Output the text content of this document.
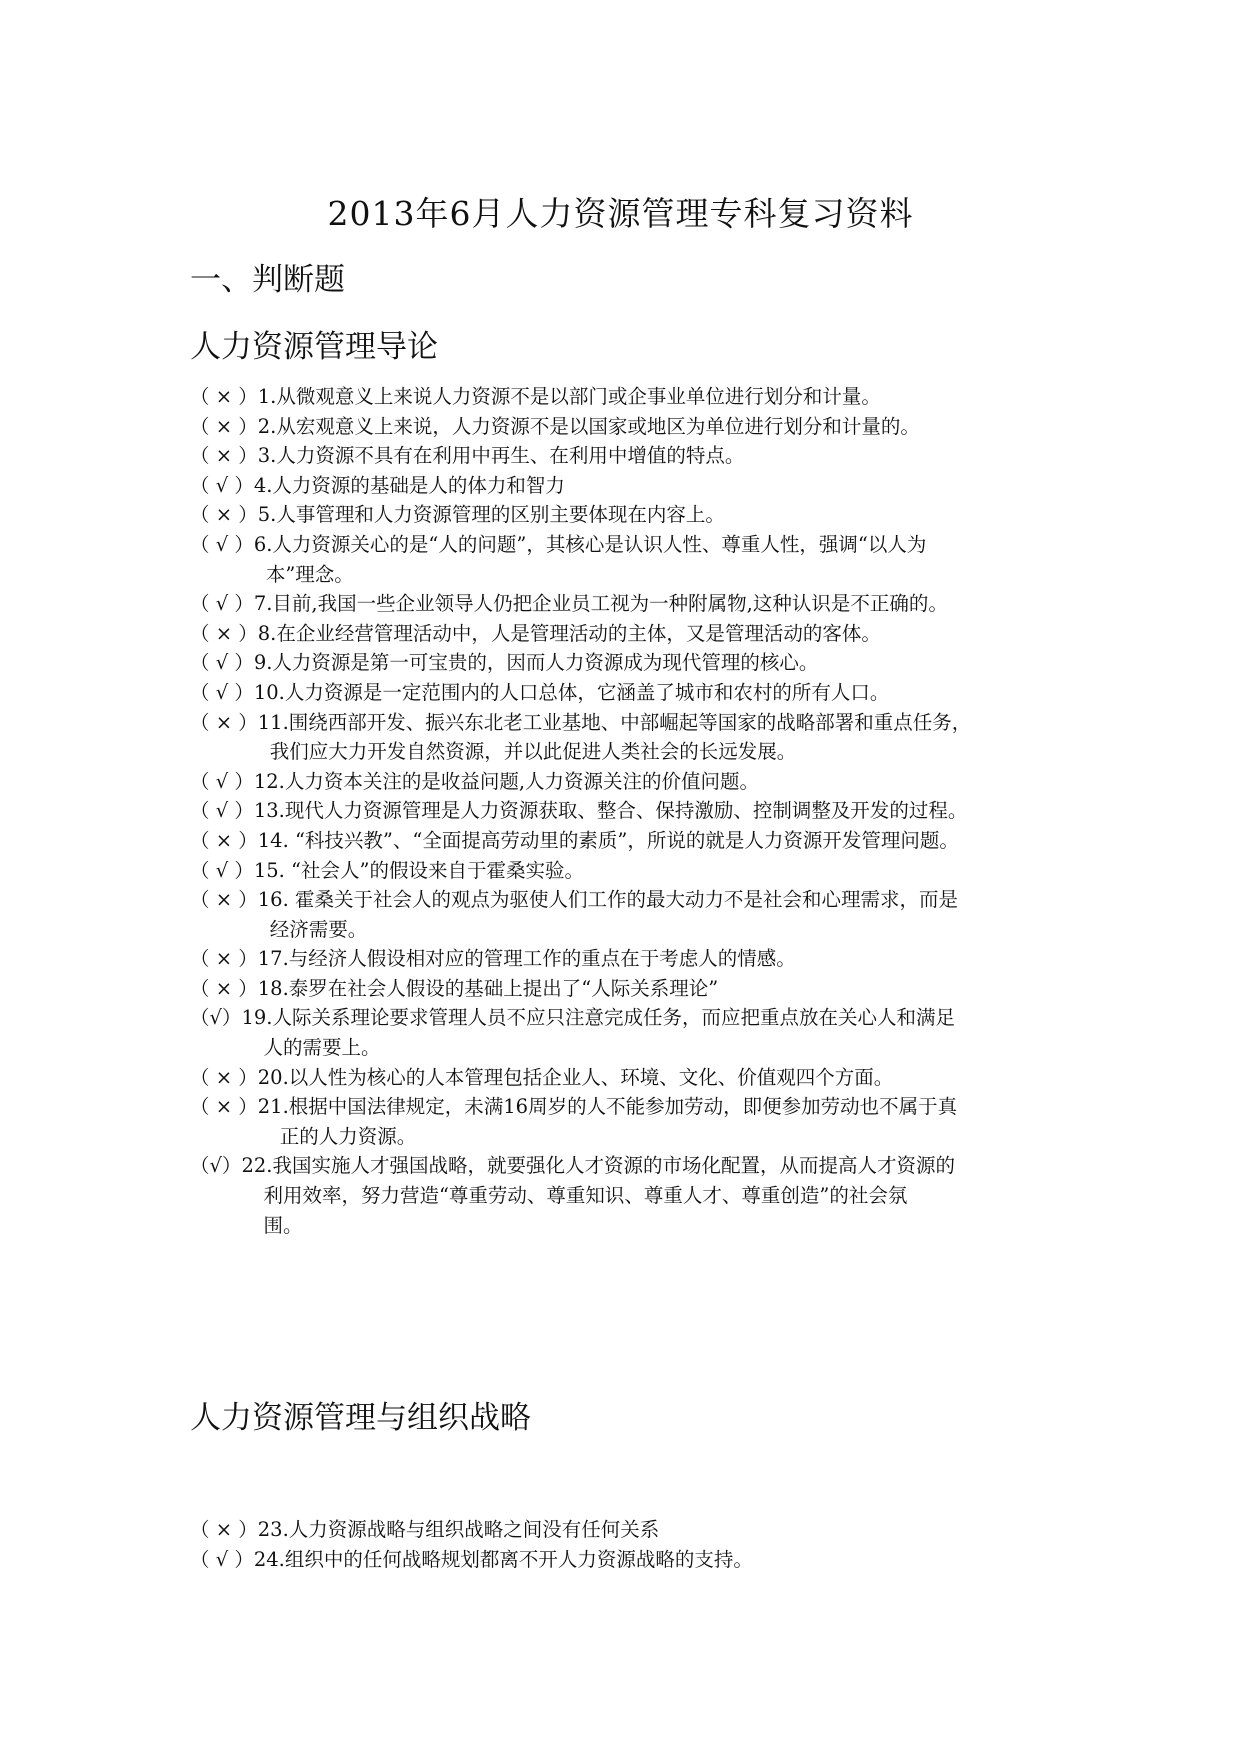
2013年6月人力资源管理专科复习资料
一、判断题
人力资源管理导论
（ × ） 1.从微观意义上来说人力资源不是以部门或企事业单位进行划分和计量。
（ × ） 2.从宏观意义上来说，人力资源不是以国家或地区为单位进行划分和计量的。
（ × ） 3.人力资源不具有在利用中再生、在利用中增值的特点。
（ √ ） 4.人力资源的基础是人的体力和智力
（ × ） 5.人事管理和人力资源管理的区别主要体现在内容上。
（ √ ） 6.人力资源关心的是“人的问题”，其核心是认识人性、尊重人性，强调“以人为
本”理念。
（ √ ） 7.目前,我国一些企业领导人仍把企业员工视为一种附属物,这种认识是不正确的。
（ × ） 8.在企业经营管理活动中，人是管理活动的主体，又是管理活动的客体。
（ √ ） 9.人力资源是第一可宝贵的，因而人力资源成为现代管理的核心。
（ √ ） 10.人力资源是一定范围内的人口总体，它涵盖了城市和农村的所有人口。
（ × ） 11.围绕西部开发、振兴东北老工业基地、中部崛起等国家的战略部署和重点任务，
我们应大力开发自然资源，并以此促进人类社会的长远发展。
（ √ ） 12.人力资本关注的是收益问题,人力资源关注的价值问题。
（ √ ） 13.现代人力资源管理是人力资源获取、整合、保持激励、控制调整及开发的过程。
（ × ） 14. “科技兴教”、“全面提高劳动里的素质”，所说的就是人力资源开发管理问题。
（ √ ） 15. “社会人”的假设来自于霍桑实验。
（ × ） 16. 霍桑关于社会人的观点为驱使人们工作的最大动力不是社会和心理需求，而是
经济需要。
（ × ） 17.与经济人假设相对应的管理工作的重点在于考虑人的情感。
（ × ） 18.泰罗在社会人假设的基础上提出了“人际关系理论”
（√） 19.人际关系理论要求管理人员不应只注意完成任务，而应把重点放在关心人和满足
人的需要上。
（ × ） 20.以人性为核心的人本管理包括企业人、环境、文化、价值观四个方面。
（ × ） 21.根据中国法律规定，未满16周岁的人不能参加劳动，即便参加劳动也不属于真
正的人力资源。
（√） 22.我国实施人才强国战略，就要强化人才资源的市场化配置，从而提高人才资源的
利用效率，努力营造“尊重劳动、尊重知识、尊重人才、尊重创造”的社会氛
围。
人力资源管理与组织战略
（ × ） 23.人力资源战略与组织战略之间没有任何关系
（ √ ） 24.组织中的任何战略规划都离不开人力资源战略的支持。
